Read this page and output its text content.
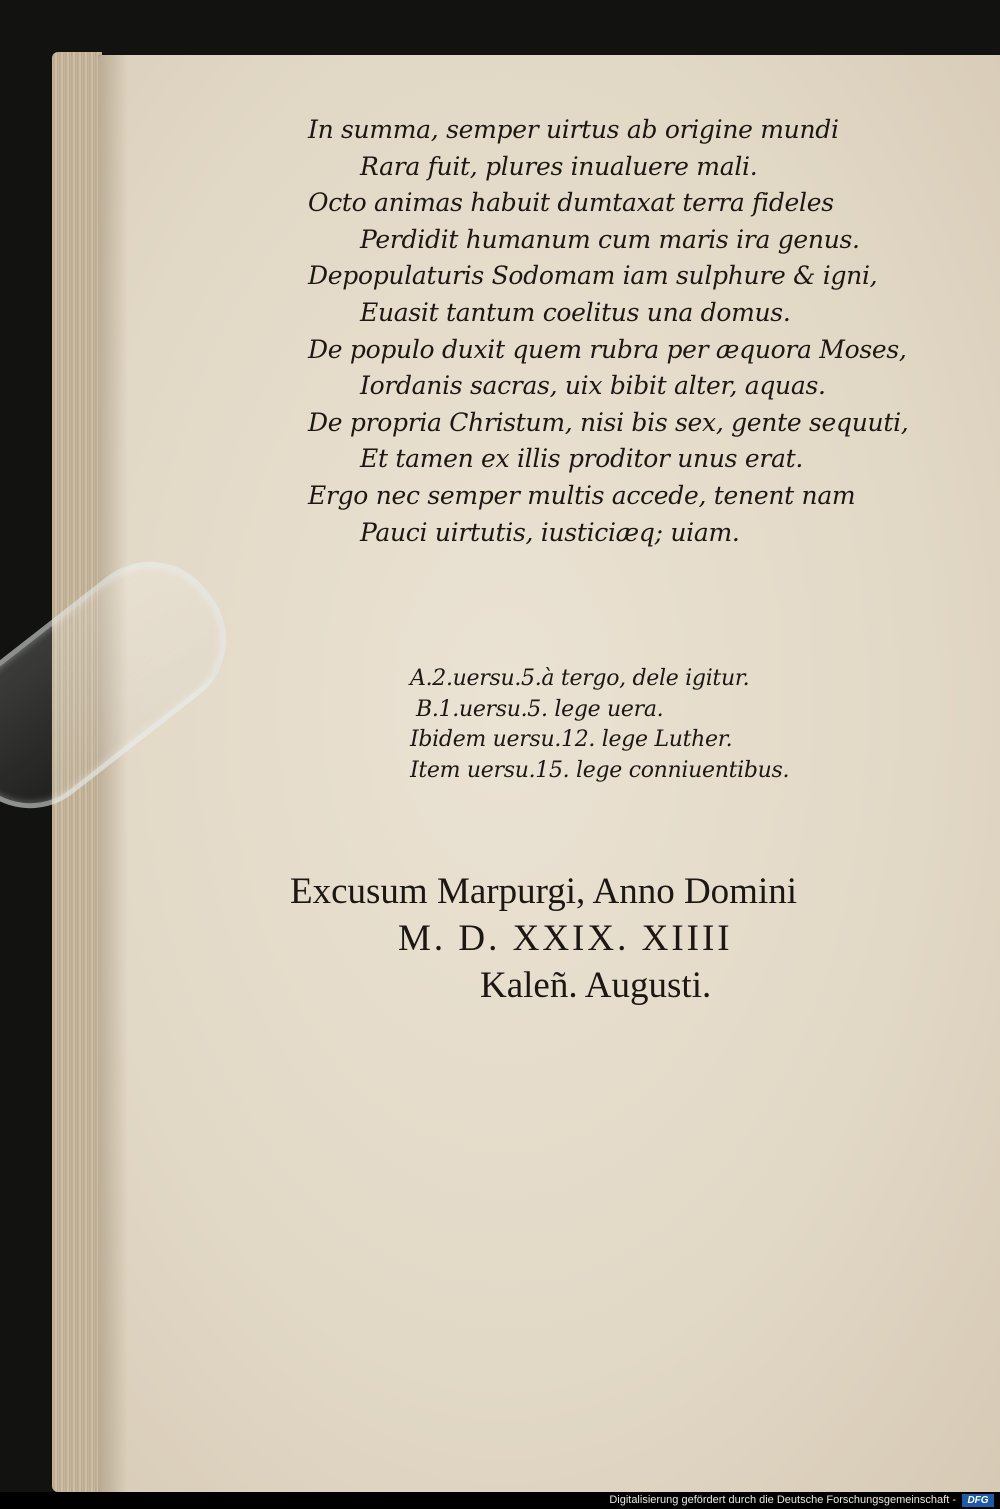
In summa, semper uirtus ab origine mundi
Rara fuit, plures inualuere mali.
Octo animas habuit dumtaxat terra fideles
Perdidit humanum cum maris ira genus.
Depopulaturis Sodomam iam sulphure & igni,
Euasit tantum coelitus una domus.
De populo duxit quem rubra per æquora Moses,
Iordanis sacras, uix bibit alter, aquas.
De propria Christum, nisi bis sex, gente sequuti,
Et tamen ex illis proditor unus erat.
Ergo nec semper multis accede, tenent nam
Pauci uirtutis, iusticiæq; uiam.
A.2.uersu.5.à tergo, dele igitur.
B.1.uersu.5. lege uera.
Ibidem uersu.12. lege Luther.
Item uersu.15. lege conniuentibus.
Excusum Marpurgi, Anno Domini
M. D. XXIX. XIIII
Kaleñ. Augusti.
Digitalisierung gefördert durch die Deutsche Forschungsgemeinschaft -	DFG
